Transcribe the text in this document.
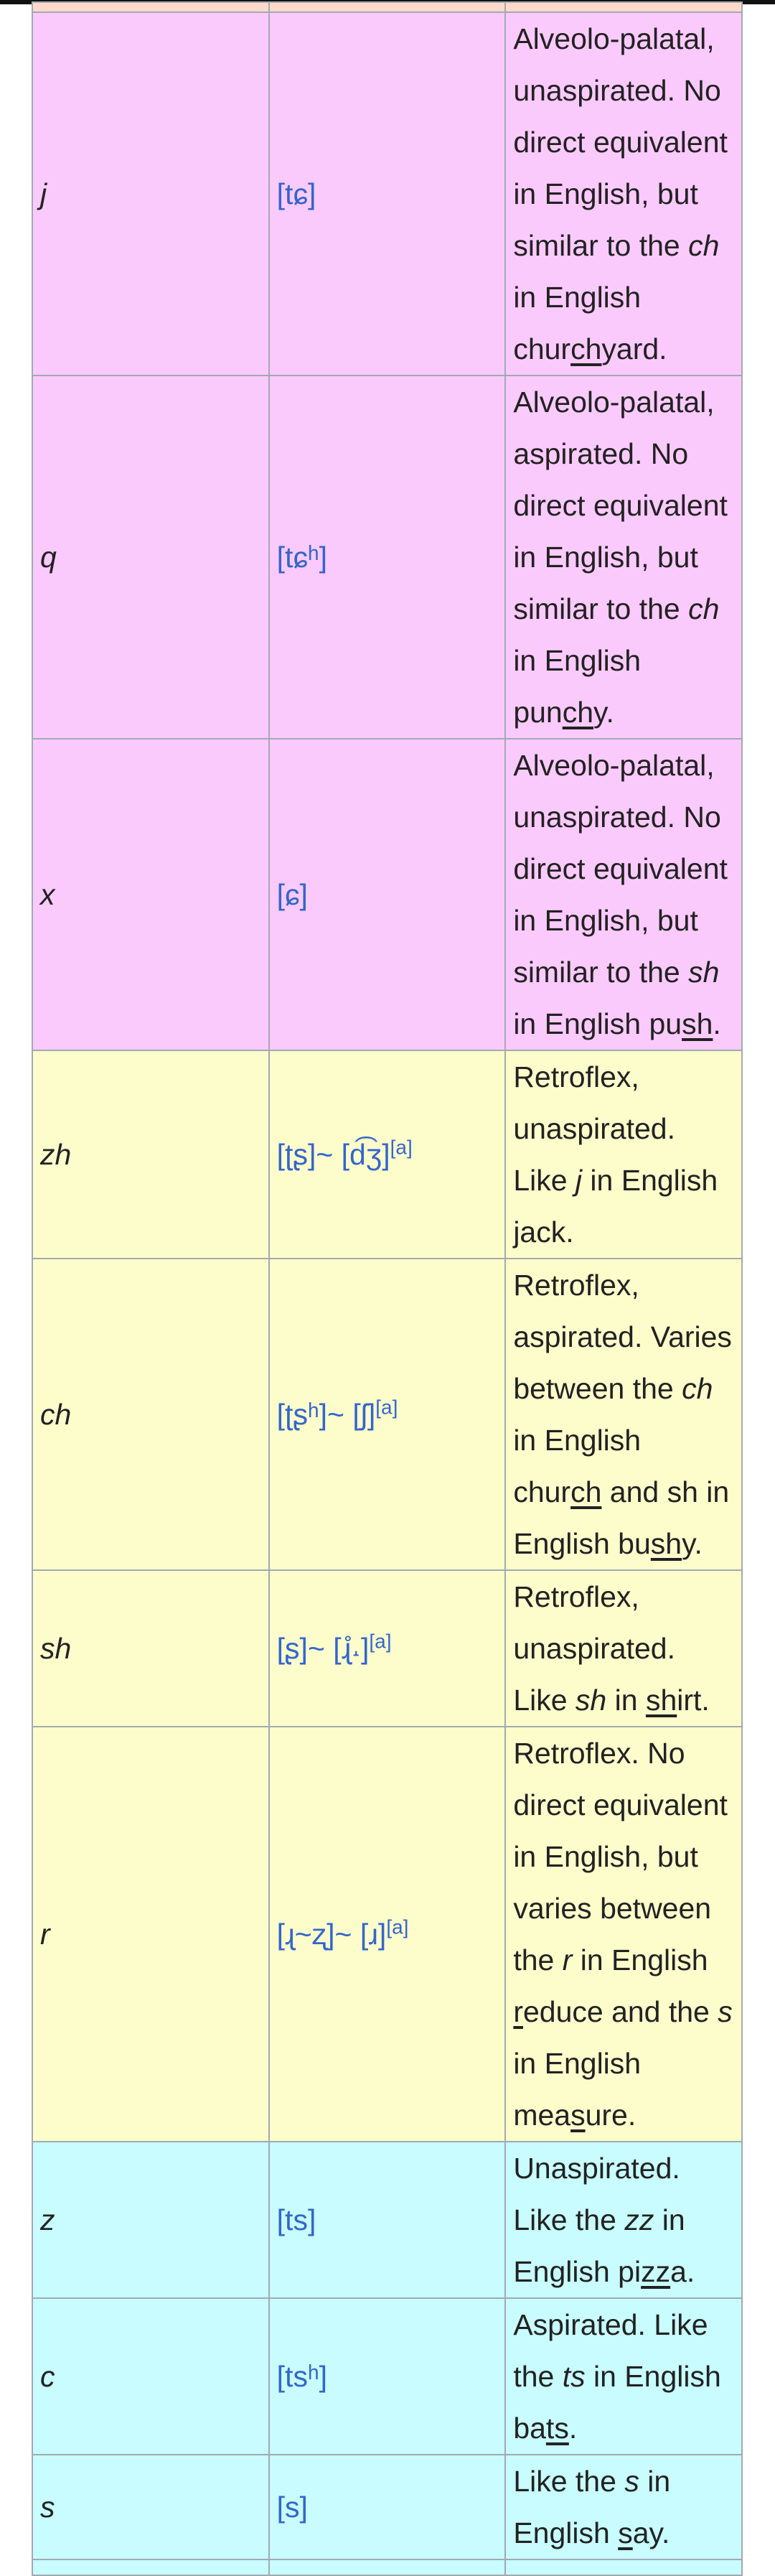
j	[tɕ]	Alveolo-palatal, unaspirated. No direct equivalent in English, but similar to the ch in English churchyard.
q	[tɕʰ]	Alveolo-palatal, aspirated. No direct equivalent in English, but similar to the ch in English punchy.
x	[ɕ]	Alveolo-palatal, unaspirated. No direct equivalent in English, but similar to the sh in English push.
zh	[ʈʂ]~ [d͡ʒ][a]	Retroflex, unaspirated. Like j in English jack.
ch	[ʈʂʰ]~ [ʃ][a]	Retroflex, aspirated. Varies between the ch in English church and sh in English bushy.
sh	[ʂ]~ [ɻ̊˔][a]	Retroflex, unaspirated. Like sh in shirt.
r	[ɻ~ʐ]~ [ɹ][a]	Retroflex. No direct equivalent in English, but varies between the r in English reduce and the s in English measure.
z	[ts]	Unaspirated. Like the zz in English pizza.
c	[tsʰ]	Aspirated. Like the ts in English bats.
s	[s]	Like the s in English say.
